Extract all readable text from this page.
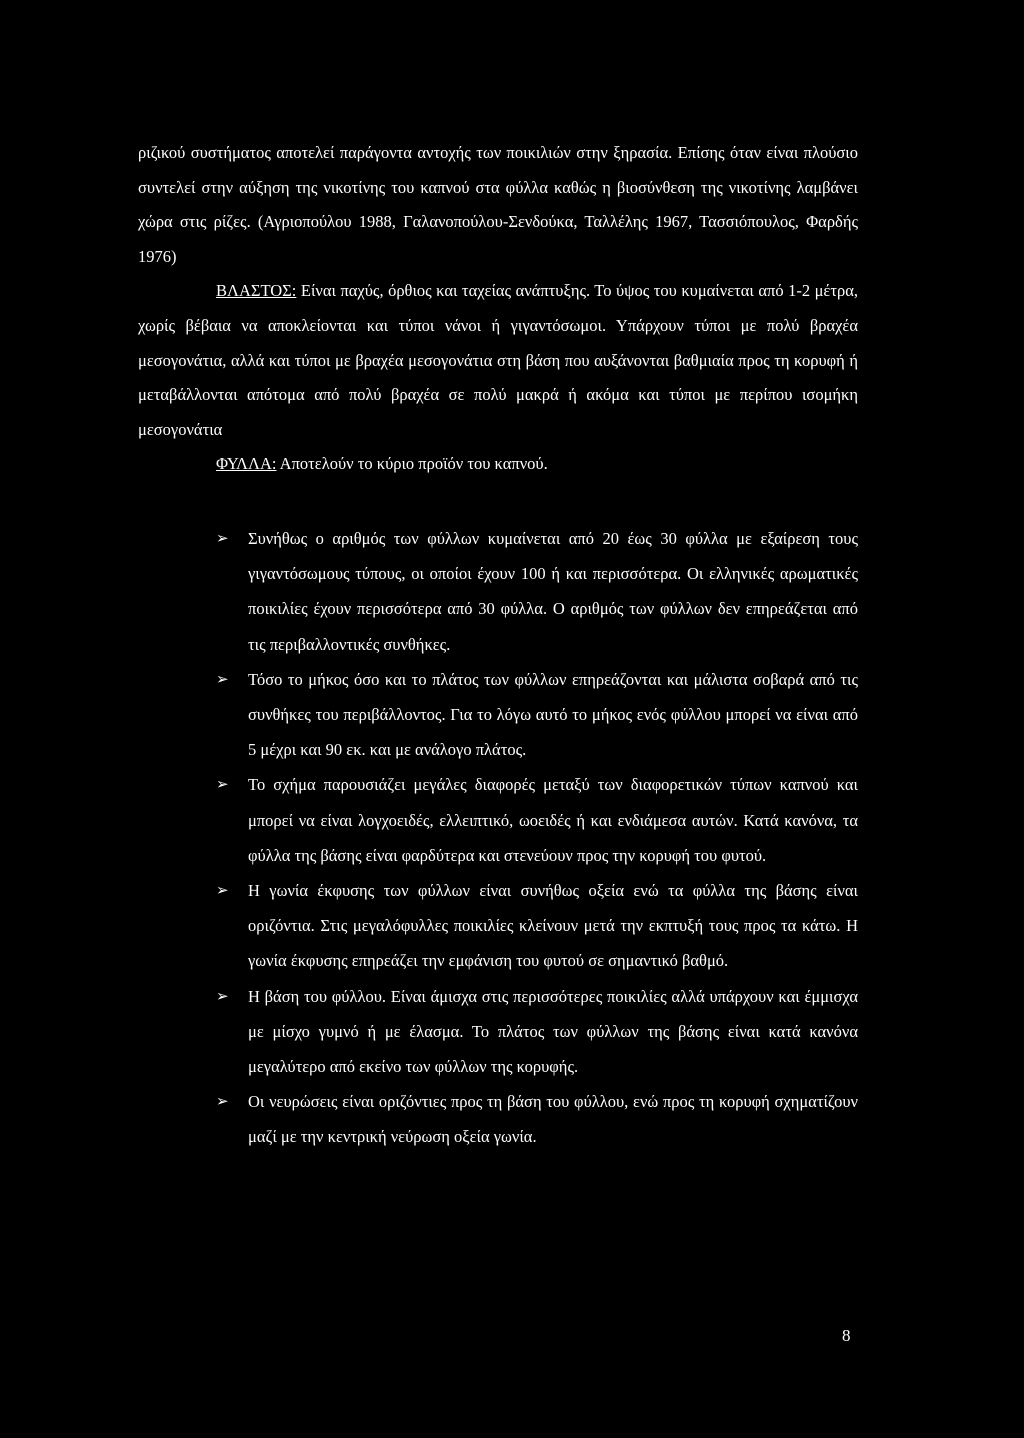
ριζικού συστήματος αποτελεί παράγοντα αντοχής των ποικιλιών στην ξηρασία. Επίσης όταν είναι πλούσιο συντελεί στην αύξηση της νικοτίνης του καπνού στα φύλλα καθώς η βιοσύνθεση της νικοτίνης λαμβάνει χώρα στις ρίζες. (Αγριοπούλου 1988, Γαλανοπούλου-Σενδούκα, Ταλλέλης 1967, Τασσιόπουλος, Φαρδής 1976)

ΒΛΑΣΤΟΣ: Είναι παχύς, όρθιος και ταχείας ανάπτυξης. Το ύψος του κυμαίνεται από 1-2 μέτρα, χωρίς βέβαια να αποκλείονται και τύποι νάνοι ή γιγαντόσωμοι. Υπάρχουν τύποι με πολύ βραχέα μεσογονάτια, αλλά και τύποι με βραχέα μεσογονάτια στη βάση που αυξάνονται βαθμιαία προς τη κορυφή ή μεταβάλλονται απότομα από πολύ βραχέα σε πολύ μακρά ή ακόμα και τύποι με περίπου ισομήκη μεσογονάτια

ΦΥΛΛΑ: Αποτελούν το κύριο προϊόν του καπνού.

➢ Συνήθως ο αριθμός των φύλλων κυμαίνεται από 20 έως 30 φύλλα με εξαίρεση τους γιγαντόσωμους τύπους, οι οποίοι έχουν 100 ή και περισσότερα. Οι ελληνικές αρωματικές ποικιλίες έχουν περισσότερα από 30 φύλλα. Ο αριθμός των φύλλων δεν επηρεάζεται από τις περιβαλλοντικές συνθήκες.
➢ Τόσο το μήκος όσο και το πλάτος των φύλλων επηρεάζονται και μάλιστα σοβαρά από τις συνθήκες του περιβάλλοντος. Για το λόγω αυτό το μήκος ενός φύλλου μπορεί να είναι από 5 μέχρι και 90 εκ. και με ανάλογο πλάτος.
➢ Το σχήμα παρουσιάζει μεγάλες διαφορές μεταξύ των διαφορετικών τύπων καπνού και μπορεί να είναι λογχοειδές, ελλειπτικό, ωοειδές ή και ενδιάμεσα αυτών. Κατά κανόνα, τα φύλλα της βάσης είναι φαρδύτερα και στενεύουν προς την κορυφή του φυτού.
➢ Η γωνία έκφυσης των φύλλων είναι συνήθως οξεία ενώ τα φύλλα της βάσης είναι οριζόντια. Στις μεγαλόφυλλες ποικιλίες κλείνουν μετά την εκπτυξή τους προς τα κάτω. Η γωνία έκφυσης επηρεάζει την εμφάνιση του φυτού σε σημαντικό βαθμό.
➢ Η βάση του φύλλου. Είναι άμισχα στις περισσότερες ποικιλίες αλλά υπάρχουν και έμμισχα με μίσχο γυμνό ή με έλασμα. Το πλάτος των φύλλων της βάσης είναι κατά κανόνα μεγαλύτερο από εκείνο των φύλλων της κορυφής.
➢ Οι νευρώσεις είναι οριζόντιες προς τη βάση του φύλλου, ενώ προς τη κορυφή σχηματίζουν μαζί με την κεντρική νεύρωση οξεία γωνία.
8
